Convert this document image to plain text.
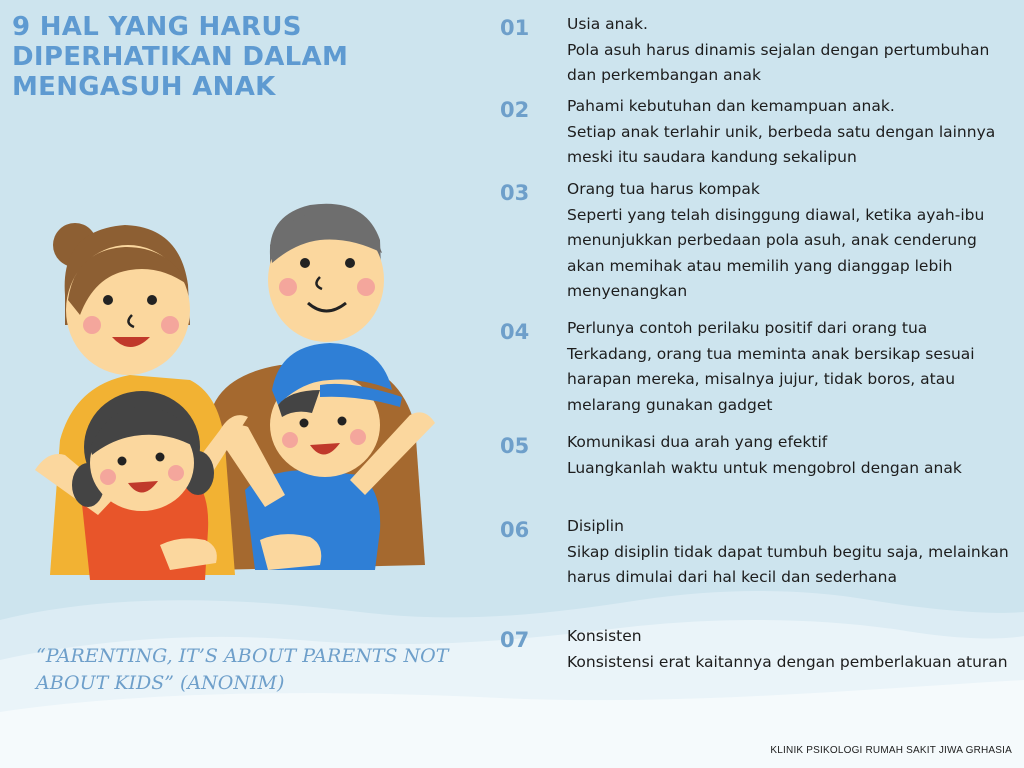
9 HAL YANG HARUS DIPERHATIKAN DALAM MENGASUH ANAK
“PARENTING, IT’S ABOUT PARENTS NOT ABOUT KIDS” (ANONIM)
01 Usia anak.
Pola asuh harus dinamis sejalan dengan pertumbuhan dan perkembangan anak
02 Pahami kebutuhan dan kemampuan anak.
Setiap anak terlahir unik, berbeda satu dengan lainnya meski itu saudara kandung sekalipun
03 Orang tua harus kompak
Seperti yang telah disinggung diawal, ketika ayah-ibu menunjukkan perbedaan pola asuh, anak cenderung akan memihak atau memilih yang dianggap lebih menyenangkan
04 Perlunya contoh perilaku positif dari orang tua
Terkadang, orang tua meminta anak bersikap sesuai harapan mereka, misalnya jujur, tidak boros, atau melarang gunakan gadget
05 Komunikasi dua arah yang efektif
Luangkanlah waktu untuk mengobrol dengan anak
06 Disiplin
Sikap disiplin tidak dapat tumbuh begitu saja, melainkan harus dimulai dari hal kecil dan sederhana
07 Konsisten
Konsistensi erat kaitannya dengan pemberlakuan aturan
KLINIK PSIKOLOGI RUMAH SAKIT JIWA GRHASIA
